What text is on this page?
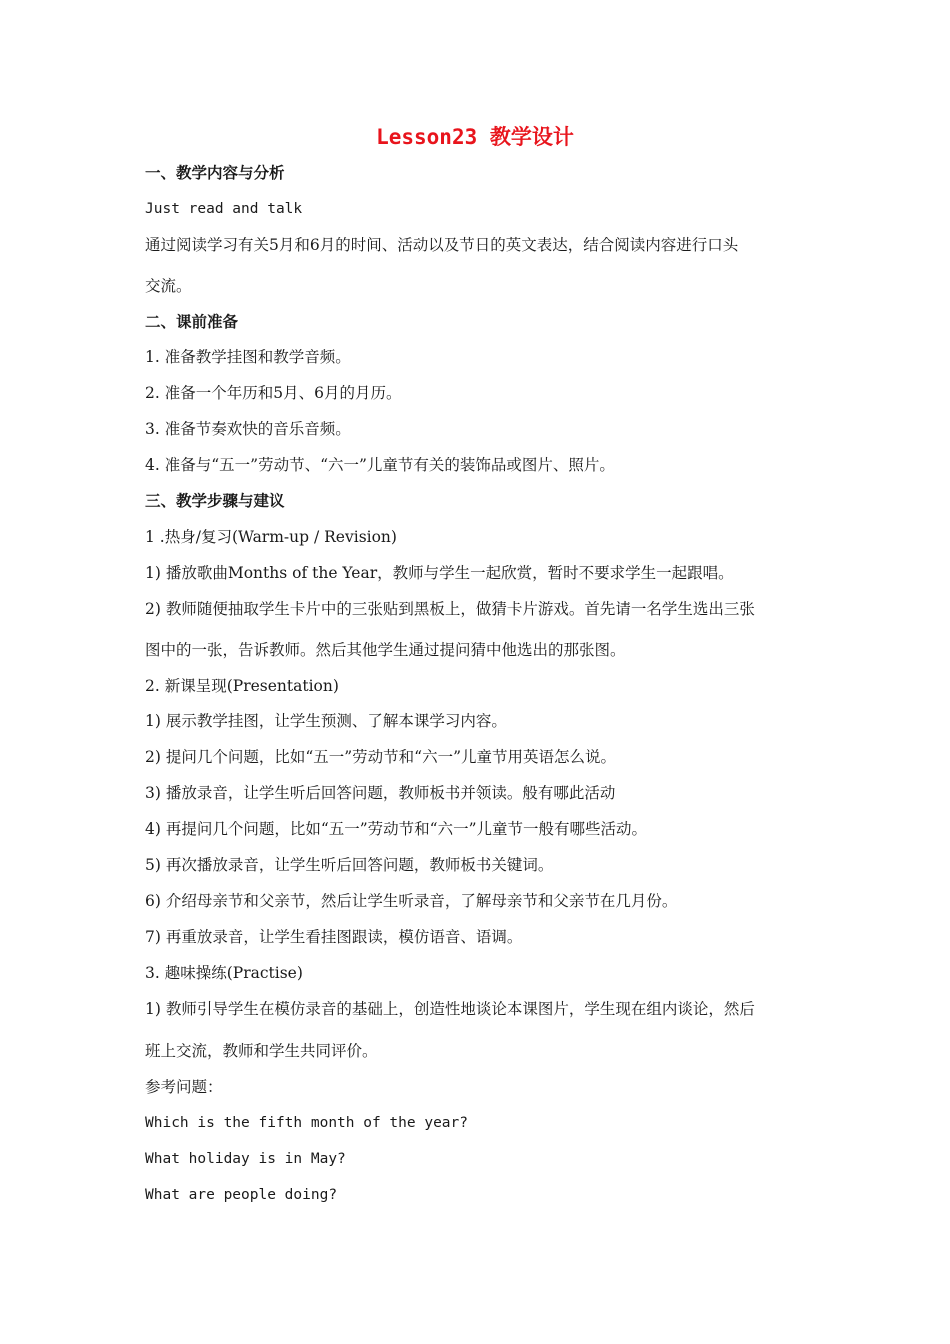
Lesson23 教学设计
一、教学内容与分析
Just read and talk
通过阅读学习有关5月和6月的时间、活动以及节日的英文表达，结合阅读内容进行口头
交流。
二、课前准备
1. 准备教学挂图和教学音频。
2. 准备一个年历和5月、6月的月历。
3. 准备节奏欢快的音乐音频。
4. 准备与“五一”劳动节、“六一”儿童节有关的装饰品或图片、照片。
三、教学步骤与建议
1 .热身/复习(Warm-up / Revision)
1) 播放歌曲Months of the Year，教师与学生一起欣赏，暂时不要求学生一起跟唱。
2) 教师随便抽取学生卡片中的三张贴到黑板上，做猜卡片游戏。首先请一名学生选出三张
图中的一张，告诉教师。然后其他学生通过提问猜中他选出的那张图。
2. 新课呈现(Presentation)
1) 展示教学挂图，让学生预测、了解本课学习内容。
2) 提问几个问题，比如“五一”劳动节和“六一”儿童节用英语怎么说。
3) 播放录音，让学生听后回答问题，教师板书并领读。般有哪此活动
4) 再提问几个问题，比如“五一”劳动节和“六一”儿童节一般有哪些活动。
5) 再次播放录音，让学生听后回答问题，教师板书关键词。
6) 介绍母亲节和父亲节，然后让学生听录音，了解母亲节和父亲节在几月份。
7) 再重放录音，让学生看挂图跟读，模仿语音、语调。
3. 趣味操练(Practise)
1) 教师引导学生在模仿录音的基础上，创造性地谈论本课图片，学生现在组内谈论，然后
班上交流，教师和学生共同评价。
参考问题：
Which is the fifth month of the year?
What holiday is in May?
What are people doing?
